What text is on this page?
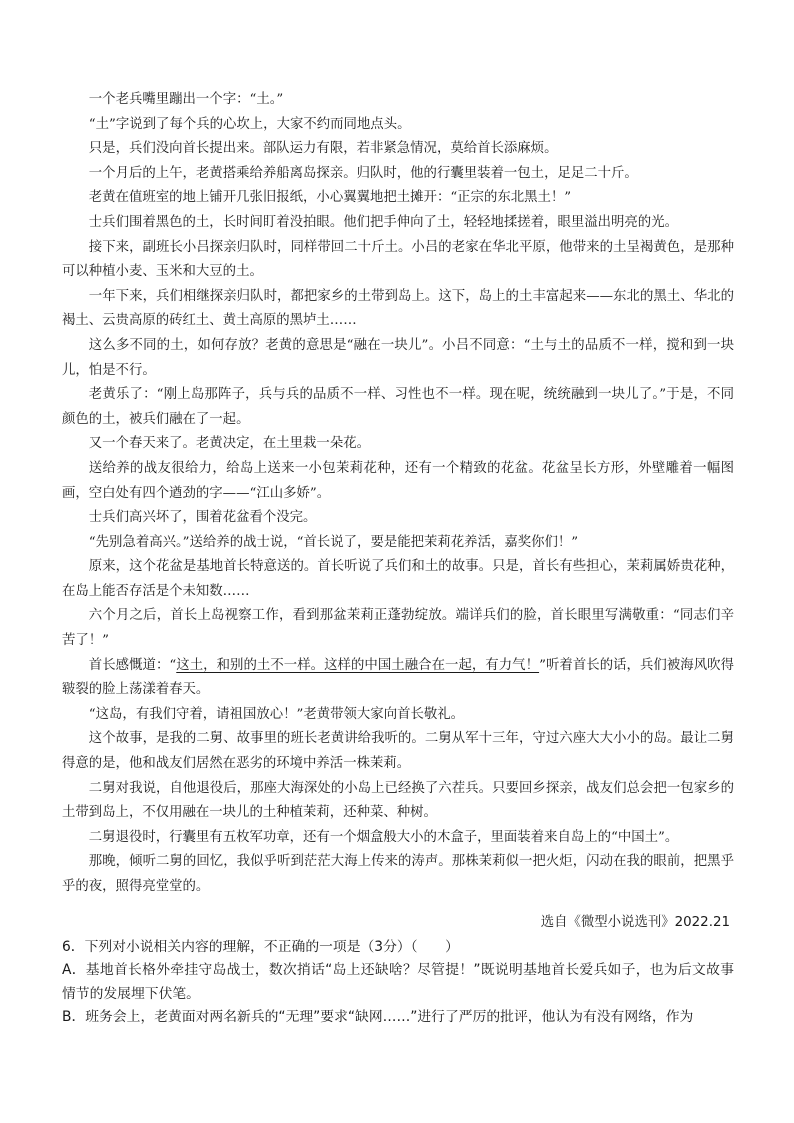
一个老兵嘴里蹦出一个字：“土。”

“土”字说到了每个兵的心坎上，大家不约而同地点头。

只是，兵们没向首长提出来。部队运力有限，若非紧急情况，莫给首长添麻烦。

一个月后的上午，老黄搭乘给养船离岛探亲。归队时，他的行囊里装着一包土，足足二十斤。

老黄在值班室的地上铺开几张旧报纸，小心翼翼地把土摊开：“正宗的东北黑土！”

士兵们围着黑色的土，长时间盯着没拍眼。他们把手伸向了土，轻轻地揉搓着，眼里溢出明亮的光。

接下来，副班长小吕探亲归队时，同样带回二十斤土。小吕的老家在华北平原，他带来的土呈褐黄色，是那种可以种植小麦、玉米和大豆的土。

一年下来，兵们相继探亲归队时，都把家乡的土带到岛上。这下，岛上的土丰富起来——东北的黑土、华北的褐土、云贵高原的砖红土、黄土高原的黑垆土……

这么多不同的土，如何存放？老黄的意思是“融在一块儿”。小吕不同意：“土与土的品质不一样，搅和到一块儿，怕是不行。

老黄乐了：“刚上岛那阵子，兵与兵的品质不一样、习性也不一样。现在呢，统统融到一块儿了。”于是，不同颜色的土，被兵们融在了一起。

又一个春天来了。老黄决定，在土里栽一朵花。

送给养的战友很给力，给岛上送来一小包茉莉花种，还有一个精致的花盆。花盆呈长方形，外壁雕着一幅图画，空白处有四个遒劲的字——“江山多娇”。

士兵们高兴坏了，围着花盆看个没完。

“先别急着高兴。”送给养的战士说，“首长说了，要是能把茉莉花养活，嘉奖你们！”

原来，这个花盆是基地首长特意送的。首长听说了兵们和土的故事。只是，首长有些担心，茉莉属娇贵花种，在岛上能否存活是个未知数……

六个月之后，首长上岛视察工作，看到那盆茉莉正蓬勃绽放。端详兵们的脸，首长眼里写满敬重：“同志们辛苦了！”

首长感慨道：“这土，和别的土不一样。这样的中国土融合在一起，有力气！”听着首长的话，兵们被海风吹得皲裂的脸上荡漾着春天。

“这岛，有我们守着，请祖国放心！”老黄带领大家向首长敬礼。

这个故事，是我的二舅、故事里的班长老黄讲给我听的。二舅从军十三年，守过六座大大小小的岛。最让二舅得意的是，他和战友们居然在恶劣的环境中养活一株茉莉。

二舅对我说，自他退役后，那座大海深处的小岛上已经换了六茬兵。只要回乡探亲，战友们总会把一包家乡的土带到岛上，不仅用融在一块儿的土种植茉莉，还种菜、种树。

二舅退役时，行囊里有五枚军功章，还有一个烟盒般大小的木盒子，里面装着来自岛上的“中国土”。

那晚，倾听二舅的回忆，我似乎听到茫茫大海上传来的涛声。那株茉莉似一把火炬，闪动在我的眼前，把黑乎乎的夜，照得亮堂堂的。

选自《微型小说选刊》2022.21

6．下列对小说相关内容的理解，不正确的一项是（3分）（　　）

A．基地首长格外牵挂守岛战士，数次捎话“岛上还缺啥？尽管提！”既说明基地首长爱兵如子，也为后文故事情节的发展埋下伏笔。

B．班务会上，老黄面对两名新兵的“无理”要求“缺网……”进行了严厉的批评，他认为有没有网络，作为
